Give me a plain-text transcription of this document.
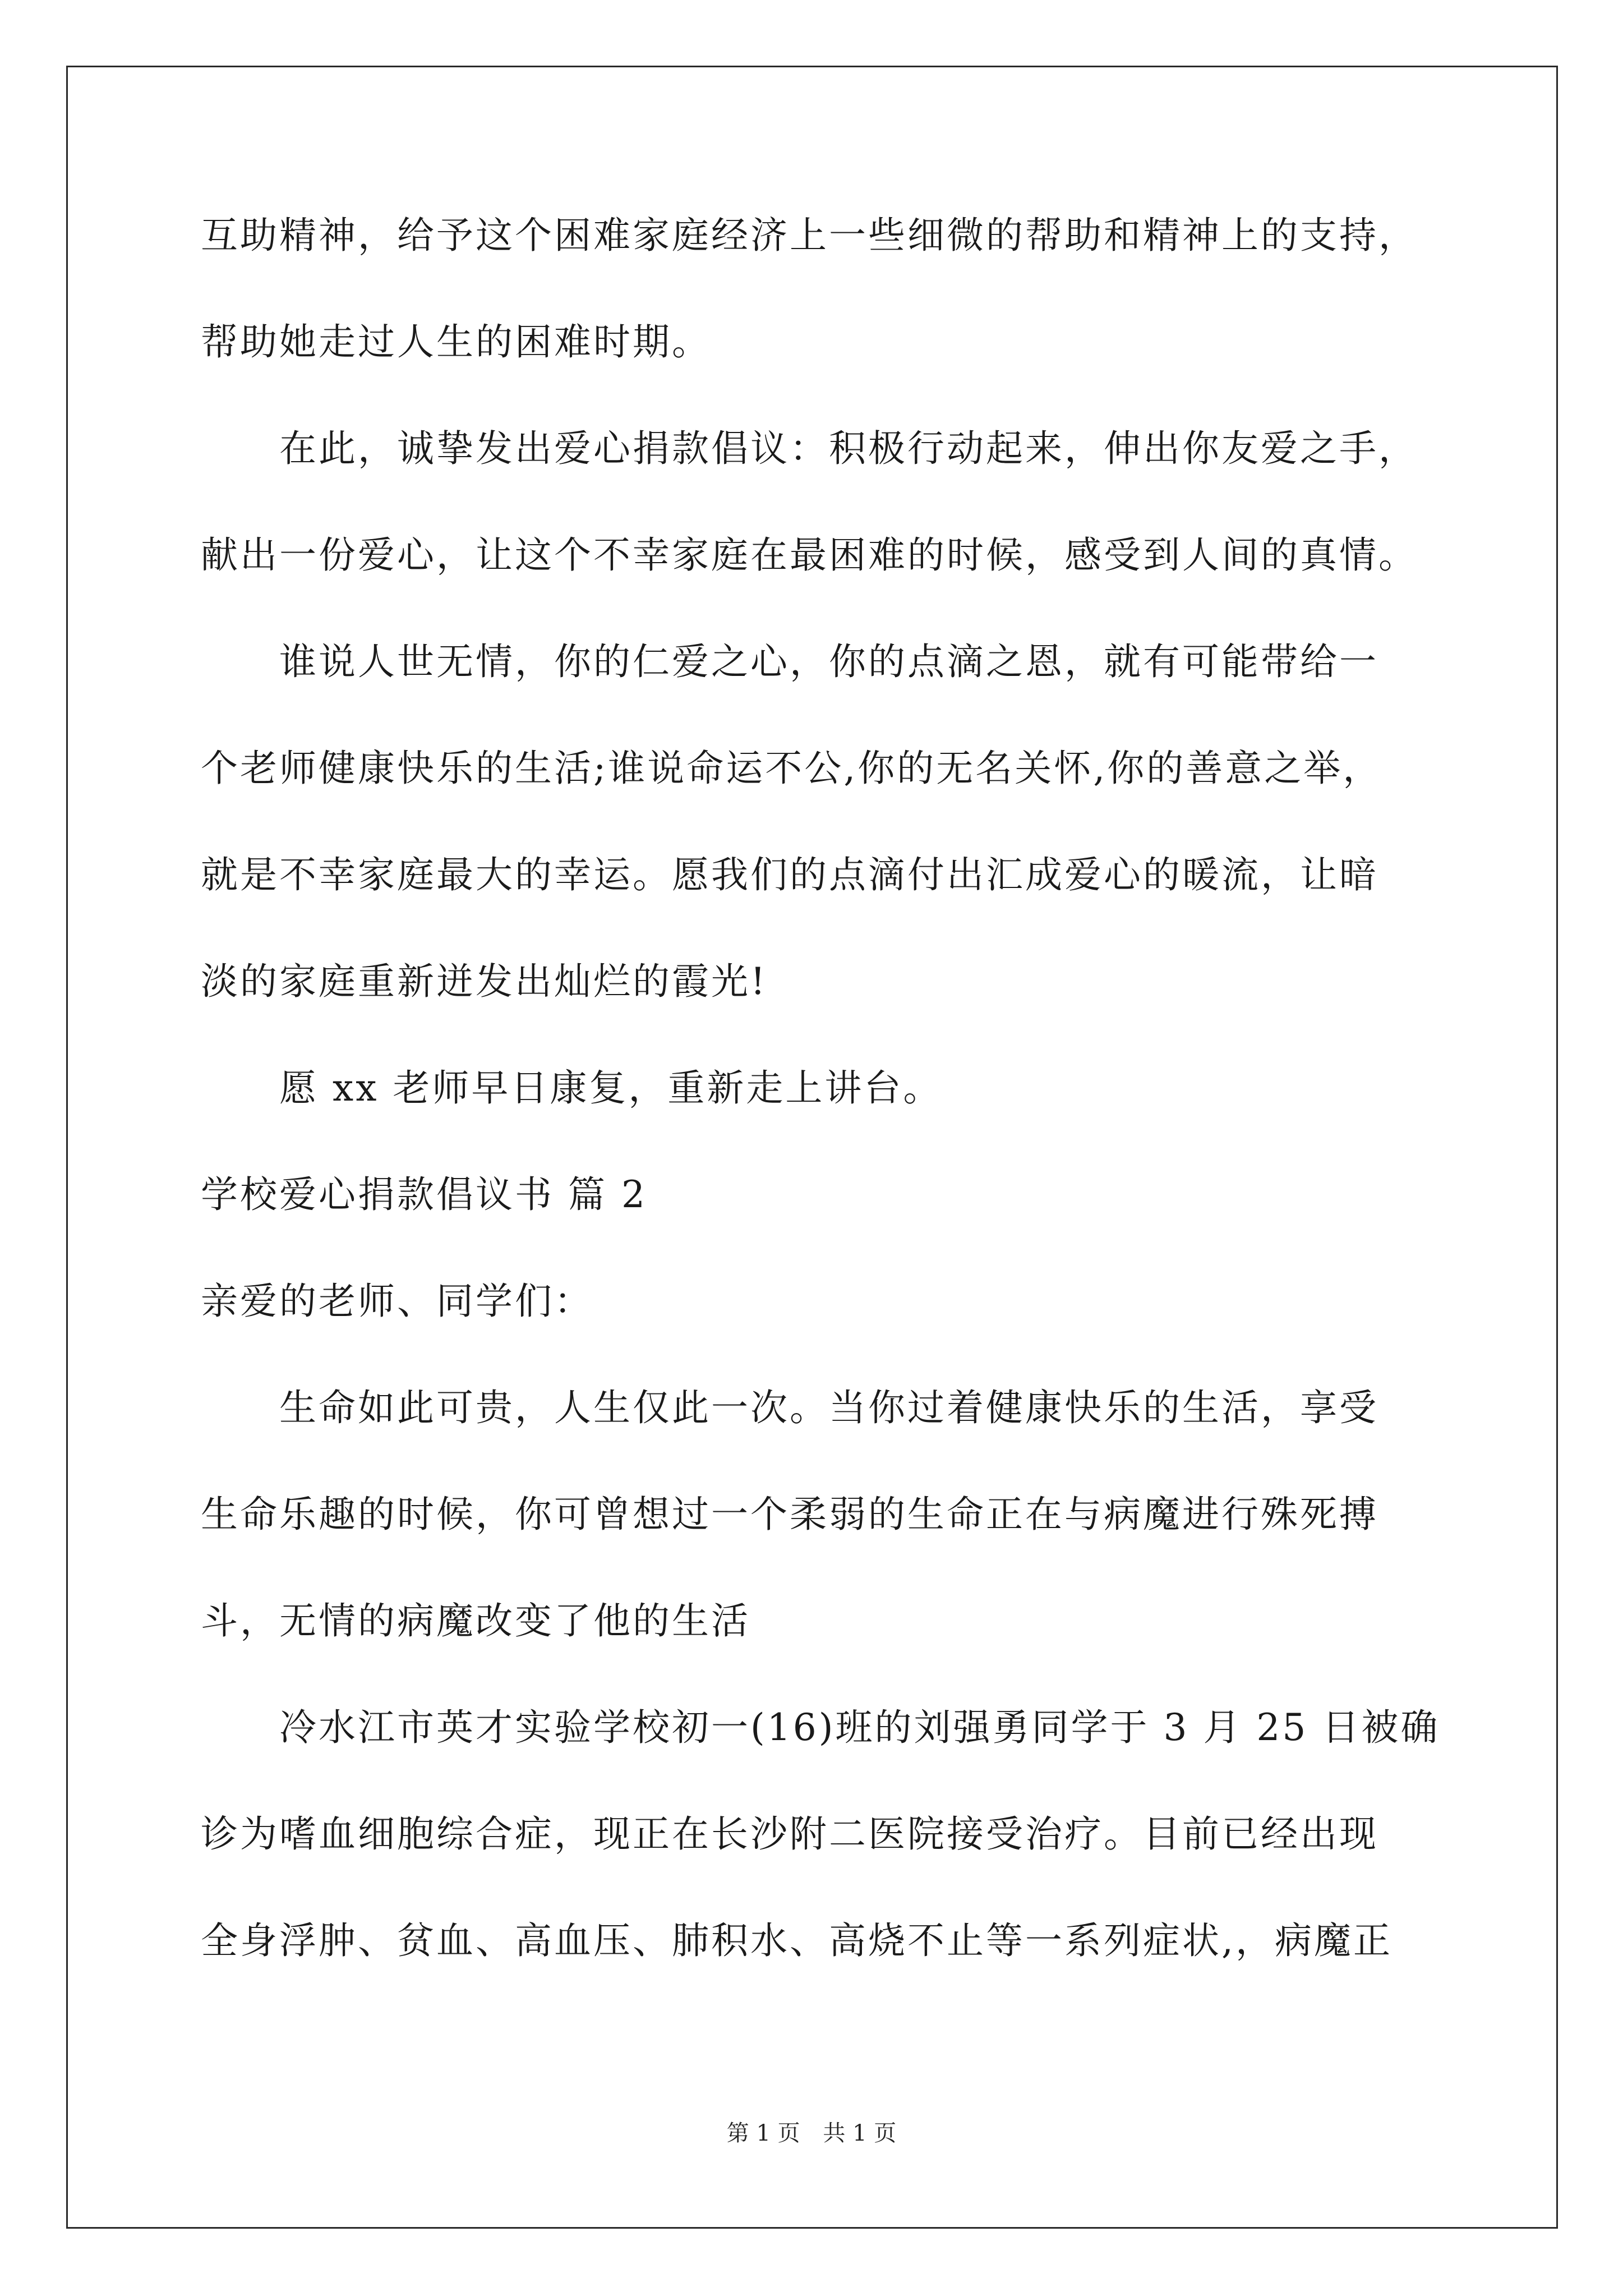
互助精神，给予这个困难家庭经济上一些细微的帮助和精神上的支持，
帮助她走过人生的困难时期。
在此，诚挚发出爱心捐款倡议：积极行动起来，伸出你友爱之手，
献出一份爱心，让这个不幸家庭在最困难的时候，感受到人间的真情。
谁说人世无情，你的仁爱之心，你的点滴之恩，就有可能带给一
个老师健康快乐的生活;谁说命运不公,你的无名关怀,你的善意之举，
就是不幸家庭最大的幸运。愿我们的点滴付出汇成爱心的暖流，让暗
淡的家庭重新迸发出灿烂的霞光!
愿 xx 老师早日康复，重新走上讲台。
学校爱心捐款倡议书 篇 2
亲爱的老师、同学们：
生命如此可贵，人生仅此一次。当你过着健康快乐的生活，享受
生命乐趣的时候，你可曾想过一个柔弱的生命正在与病魔进行殊死搏
斗，无情的病魔改变了他的生活
冷水江市英才实验学校初一(16)班的刘强勇同学于 3 月 25 日被确
诊为嗜血细胞综合症，现正在长沙附二医院接受治疗。目前已经出现
全身浮肿、贫血、高血压、肺积水、高烧不止等一系列症状,，病魔正
第 1 页 共 1 页
